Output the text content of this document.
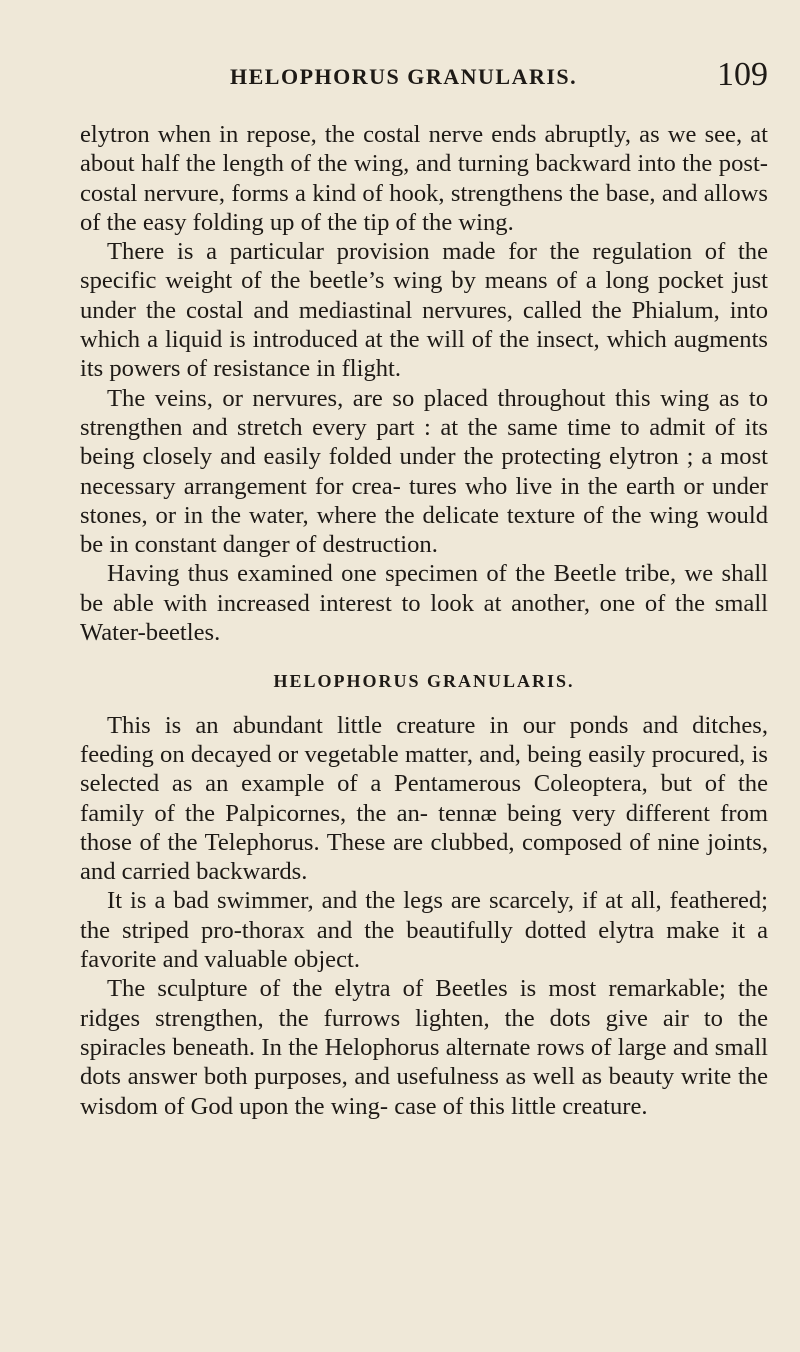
HELOPHORUS GRANULARIS.	109

elytron when in repose, the costal nerve ends abruptly, as we see, at about half the length of the wing, and turning backward into the post-costal nervure, forms a kind of hook, strengthens the base, and allows of the easy folding up of the tip of the wing.

There is a particular provision made for the regulation of the specific weight of the beetle’s wing by means of a long pocket just under the costal and mediastinal nervures, called the Phialum, into which a liquid is introduced at the will of the insect, which augments its powers of resistance in flight.

The veins, or nervures, are so placed throughout this wing as to strengthen and stretch every part : at the same time to admit of its being closely and easily folded under the protecting elytron ; a most necessary arrangement for crea- tures who live in the earth or under stones, or in the water, where the delicate texture of the wing would be in constant danger of destruction.

Having thus examined one specimen of the Beetle tribe, we shall be able with increased interest to look at another, one of the small Water-beetles.

HELOPHORUS GRANULARIS.

This is an abundant little creature in our ponds and ditches, feeding on decayed or vegetable matter, and, being easily procured, is selected as an example of a Pentamerous Coleoptera, but of the family of the Palpicornes, the an- tennæ being very different from those of the Telephorus. These are clubbed, composed of nine joints, and carried backwards.

It is a bad swimmer, and the legs are scarcely, if at all, feathered; the striped pro-thorax and the beautifully dotted elytra make it a favorite and valuable object.

The sculpture of the elytra of Beetles is most remarkable; the ridges strengthen, the furrows lighten, the dots give air to the spiracles beneath. In the Helophorus alternate rows of large and small dots answer both purposes, and usefulness as well as beauty write the wisdom of God upon the wing- case of this little creature.
